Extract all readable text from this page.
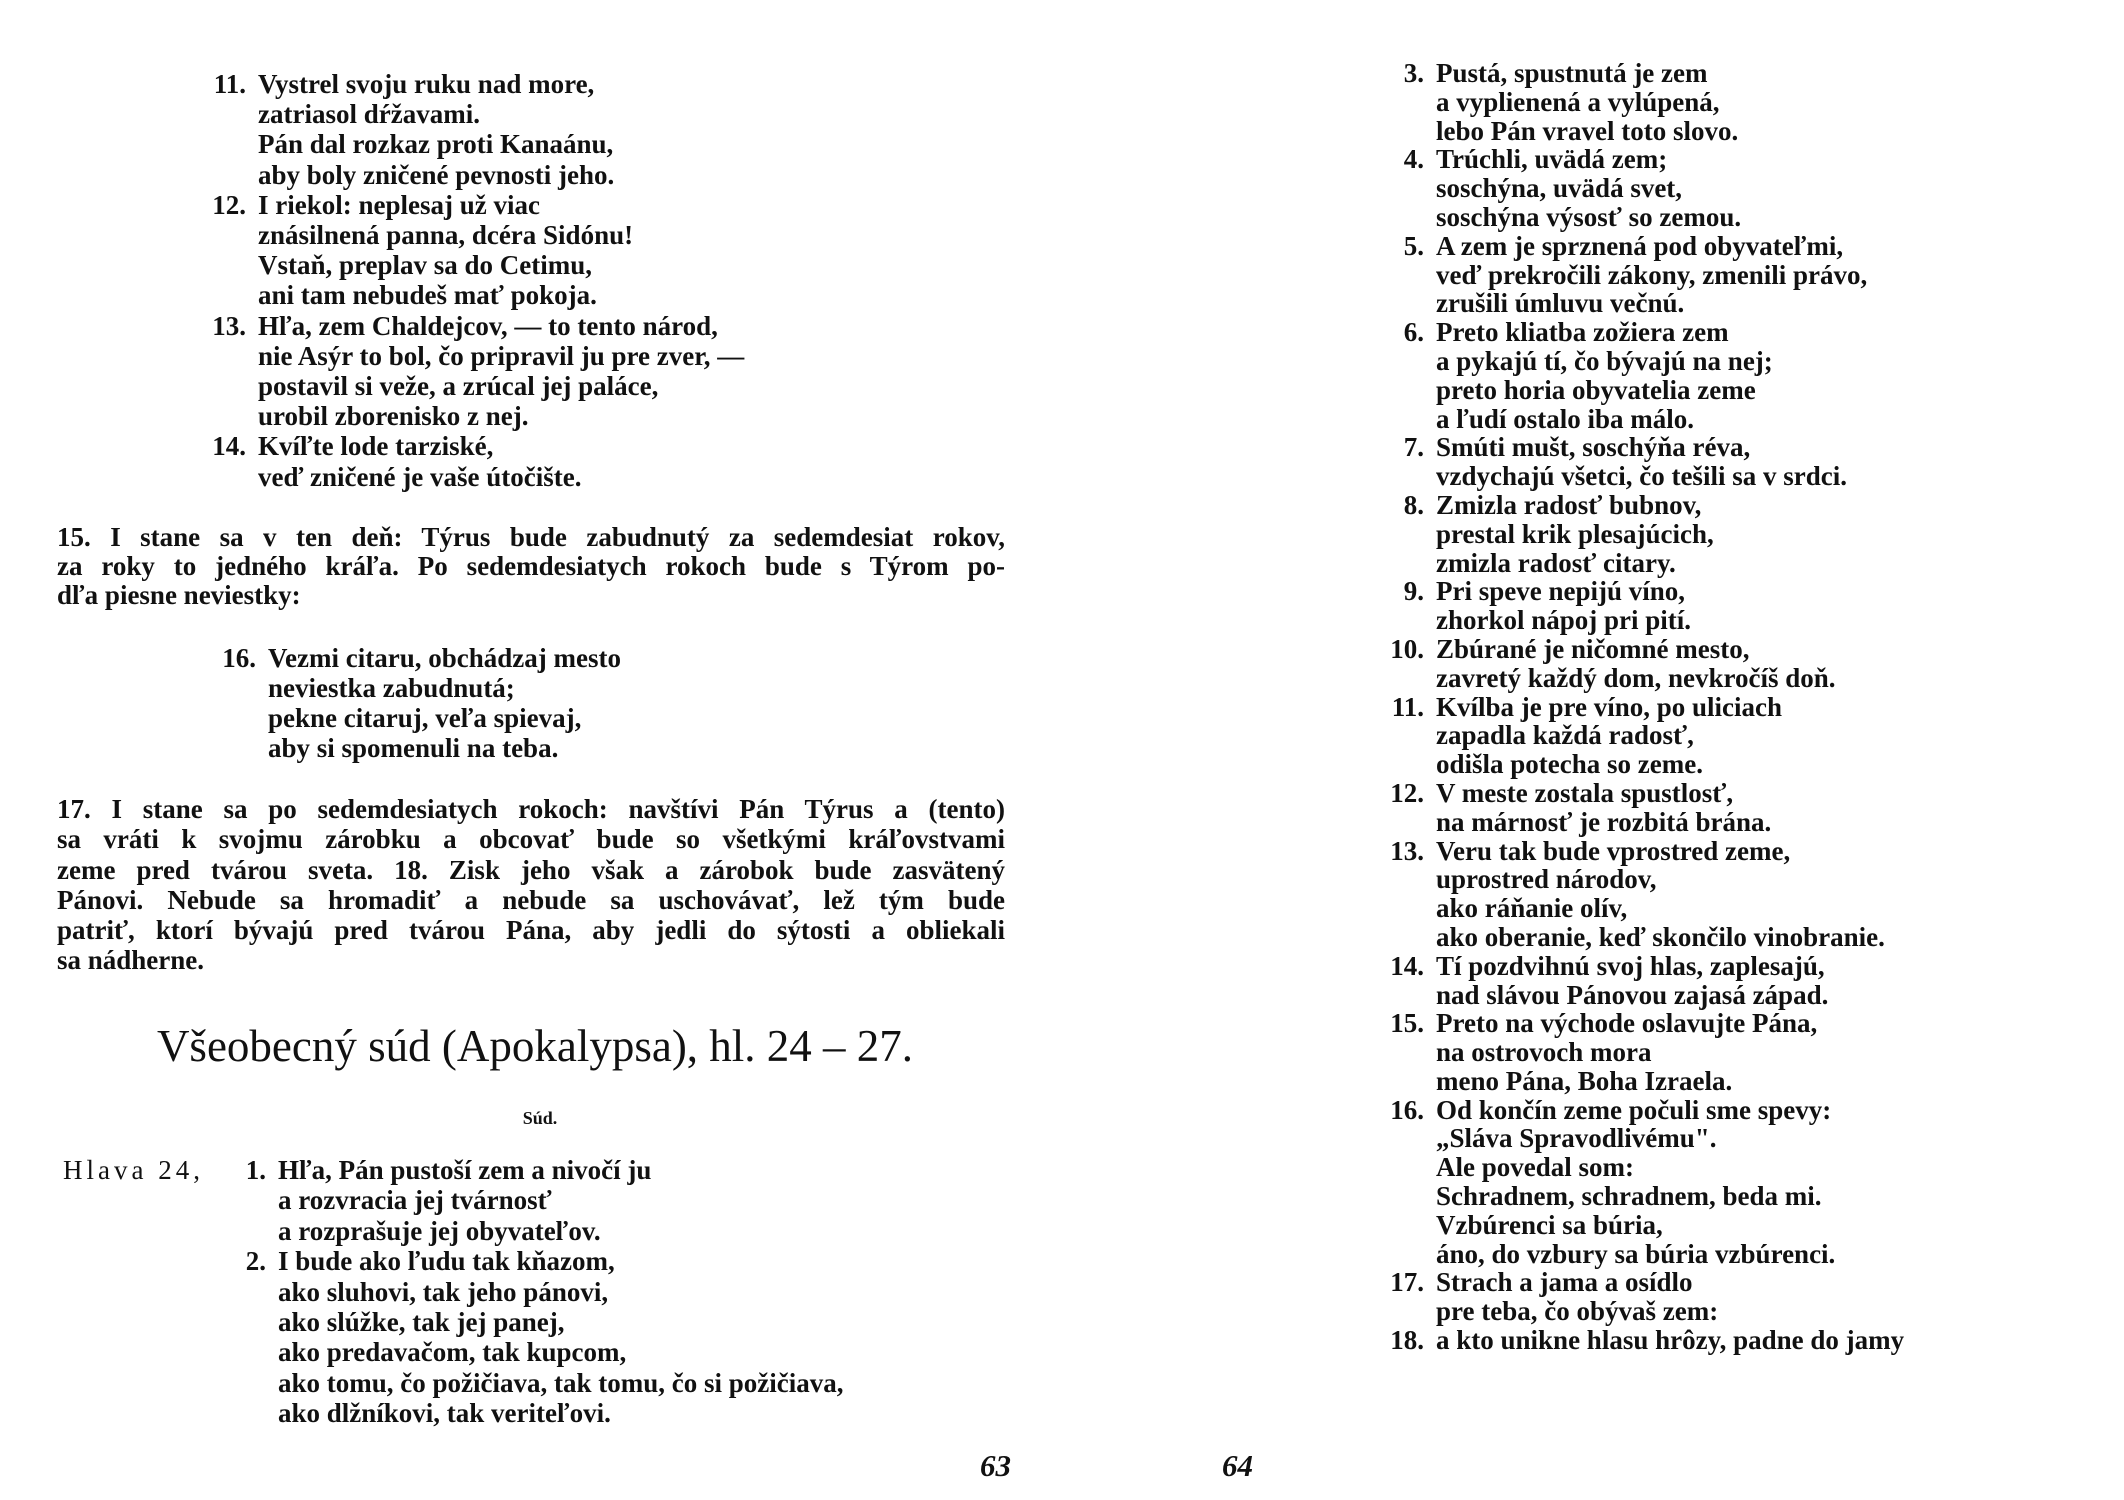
11. Vystrel svoju ruku nad more,
zatriasol dŕžavami.
Pán dal rozkaz proti Kanaánu,
aby boly zničené pevnosti jeho.
12. I riekol: neplesaj už viac
znásilnená panna, dcéra Sidónu!
Vstaň, preplav sa do Cetimu,
ani tam nebudeš mať pokoja.
13. Hľa, zem Chaldejcov, — to tento národ,
nie Asýr to bol, čo pripravil ju pre zver, —
postavil si veže, a zrúcal jej paláce,
urobil zborenisko z nej.
14. Kvíľte lode tarziské,
veď zničené je vaše útočište.
15. I stane sa v ten deň: Týrus bude zabudnutý za sedemdesiat rokov,
za roky to jedného kráľa. Po sedemdesiatych rokoch bude s Týrom po-
dľa piesne neviestky:
16. Vezmi citaru, obchádzaj mesto
neviestka zabudnutá;
pekne citaruj, veľa spievaj,
aby si spomenuli na teba.
17. I stane sa po sedemdesiatych rokoch: navštívi Pán Týrus a (tento)
sa vráti k svojmu zárobku a obcovať bude so všetkými kráľovstvami
zeme pred tvárou sveta. 18. Zisk jeho však a zárobok bude zasvätený
Pánovi. Nebude sa hromadiť a nebude sa uschovávať, lež tým bude
patriť, ktorí bývajú pred tvárou Pána, aby jedli do sýtosti a obliekali
sa nádherne.
Všeobecný súd (Apokalypsa), hl. 24 – 27.
Súd.
Hlava 24,	1. Hľa, Pán pustoší zem a nivočí ju
a rozvracia jej tvárnosť
a rozprašuje jej obyvateľov.
2. I bude ako ľudu tak kňazom,
ako sluhovi, tak jeho pánovi,
ako slúžke, tak jej panej,
ako predavačom, tak kupcom,
ako tomu, čo požičiava, tak tomu, čo si požičiava,
ako dlžníkovi, tak veriteľovi.
63
3. Pustá, spustnutá je zem
a vyplienená a vylúpená,
lebo Pán vravel toto slovo.
4. Trúchli, uvädá zem;
soschýna, uvädá svet,
soschýna výsosť so zemou.
5. A zem je sprznená pod obyvateľmi,
veď prekročili zákony, zmenili právo,
zrušili úmluvu večnú.
6. Preto kliatba zožiera zem
a pykajú tí, čo bývajú na nej;
preto horia obyvatelia zeme
a ľudí ostalo iba málo.
7. Smúti mušt, soschýňa réva,
vzdychajú všetci, čo tešili sa v srdci.
8. Zmizla radosť bubnov,
prestal krik plesajúcich,
zmizla radosť citary.
9. Pri speve nepijú víno,
zhorkol nápoj pri pití.
10. Zbúrané je ničomné mesto,
zavretý každý dom, nevkročíš doň.
11. Kvílba je pre víno, po uliciach
zapadla každá radosť,
odišla potecha so zeme.
12. V meste zostala spustlosť,
na márnosť je rozbitá brána.
13. Veru tak bude vprostred zeme,
uprostred národov,
ako ráňanie olív,
ako oberanie, keď skončilo vinobranie.
14. Tí pozdvihnú svoj hlas, zaplesajú,
nad slávou Pánovou zajasá západ.
15. Preto na východe oslavujte Pána,
na ostrovoch mora
meno Pána, Boha Izraela.
16. Od končín zeme počuli sme spevy:
„Sláva Spravodlivému".
Ale povedal som:
Schradnem, schradnem, beda mi.
Vzbúrenci sa búria,
áno, do vzbury sa búria vzbúrenci.
17. Strach a jama a osídlo
pre teba, čo obývaš zem:
18. a kto unikne hlasu hrôzy, padne do jamy
64
